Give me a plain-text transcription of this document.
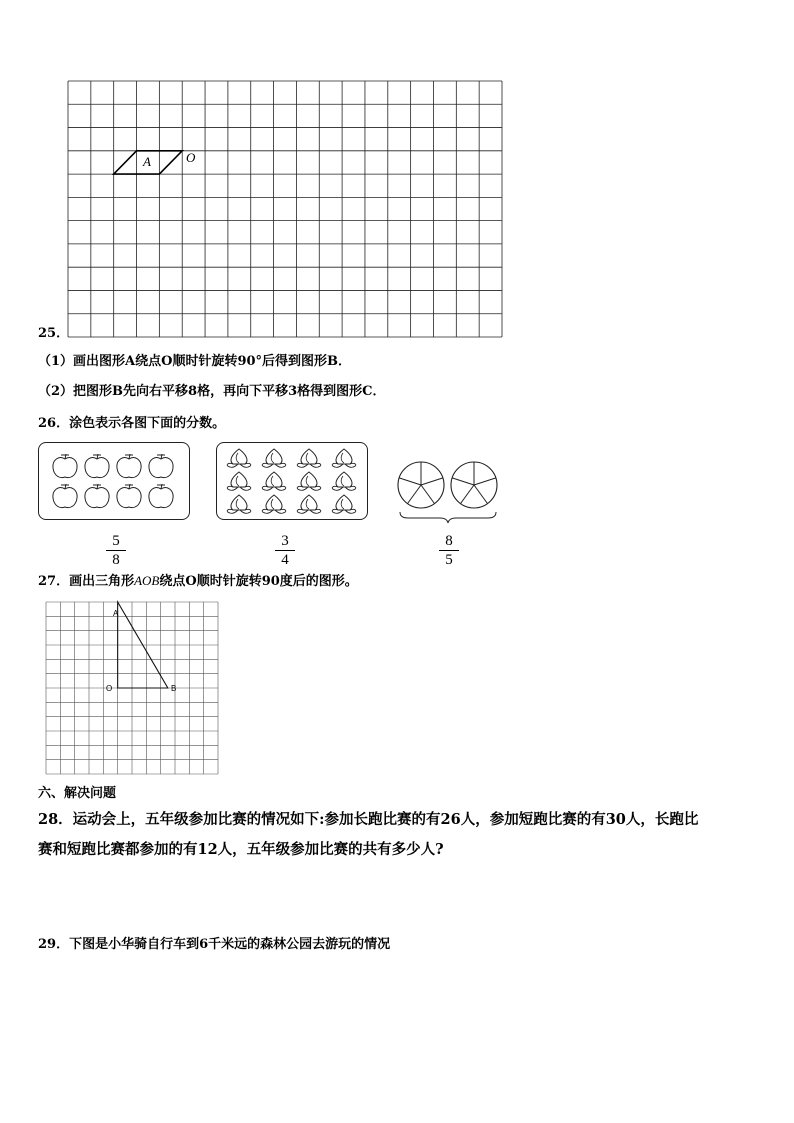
A	O
25．
（1）画出图形A绕点O顺时针旋转90°后得到图形B．
（2）把图形B先向右平移8格，再向下平移3格得到图形C．
26．涂色表示各图下面的分数。
5
8
3
4
8
5
27．画出三角形AOB绕点O顺时针旋转90度后的图形。
A
O	B
六、解决问题
28．运动会上，五年级参加比赛的情况如下:参加长跑比赛的有26人，参加短跑比赛的有30人，长跑比
赛和短跑比赛都参加的有12人，五年级参加比赛的共有多少人?
29．下图是小华骑自行车到6千米远的森林公园去游玩的情况
